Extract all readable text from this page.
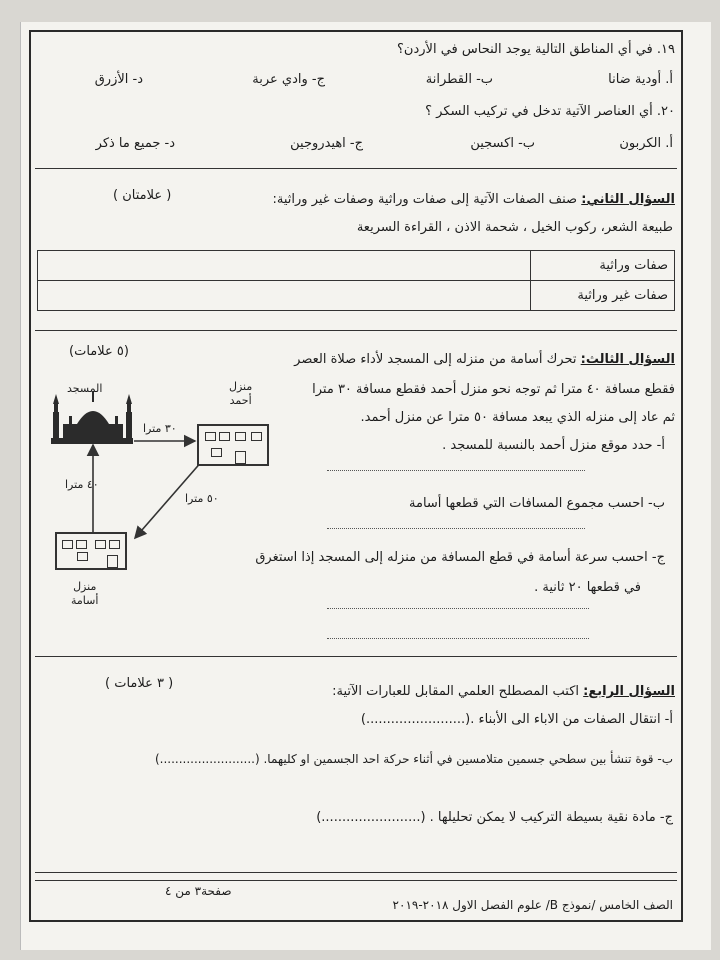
١٩. في أي المناطق التالية يوجد النحاس في الأردن؟
أ. أودية ضانا
ب- القطرانة
ج- وادي عربة
د- الأزرق
٢٠. أي العناصر الآتية تدخل في تركيب السكر ؟
أ. الكربون
ب- اكسجين
ج- اهيدروجين
د- جميع ما ذكر
السؤال الثاني: صنف الصفات الآتية إلى صفات وراثية وصفات غير وراثية:
( علامتان )
طبيعة الشعر، ركوب الخيل ، شحمة الاذن ، القراءة السريعة
	صفات وراثية
	صفات غير وراثية
السؤال الثالث: تحرك أسامة من منزله إلى المسجد لأداء صلاة العصر
(٥ علامات)
فقطع مسافة ٤٠ مترا ثم توجه نحو منزل أحمد فقطع مسافة ٣٠ مترا
ثم عاد إلى منزله الذي يبعد مسافة ٥٠ مترا عن منزل أحمد.
أ- حدد موقع منزل أحمد بالنسبة للمسجد .
ب- احسب مجموع المسافات التي قطعها أسامة
ج- احسب سرعة أسامة في قطع المسافة من منزله إلى المسجد إذا استغرق
في قطعها ٢٠ ثانية .
المسجد	منزل
أحمد
منزل
أسامة
٣٠ مترا
٤٠ مترا
٥٠ مترا
السؤال الرابع: اكتب المصطلح العلمي المقابل للعبارات الآتية:
( ٣ علامات )
أ- انتقال الصفات من الاباء الى الأبناء .(........................)
ب- قوة تنشأ بين سطحي جسمين متلامسين في أثناء حركة احد الجسمين او كليهما. (.........................)
ج- مادة نقية بسيطة التركيب لا يمكن تحليلها . (........................)
صفحة٣ من ٤
الصف الخامس /نموذج B/ علوم الفصل الاول ٢٠١٨-٢٠١٩
